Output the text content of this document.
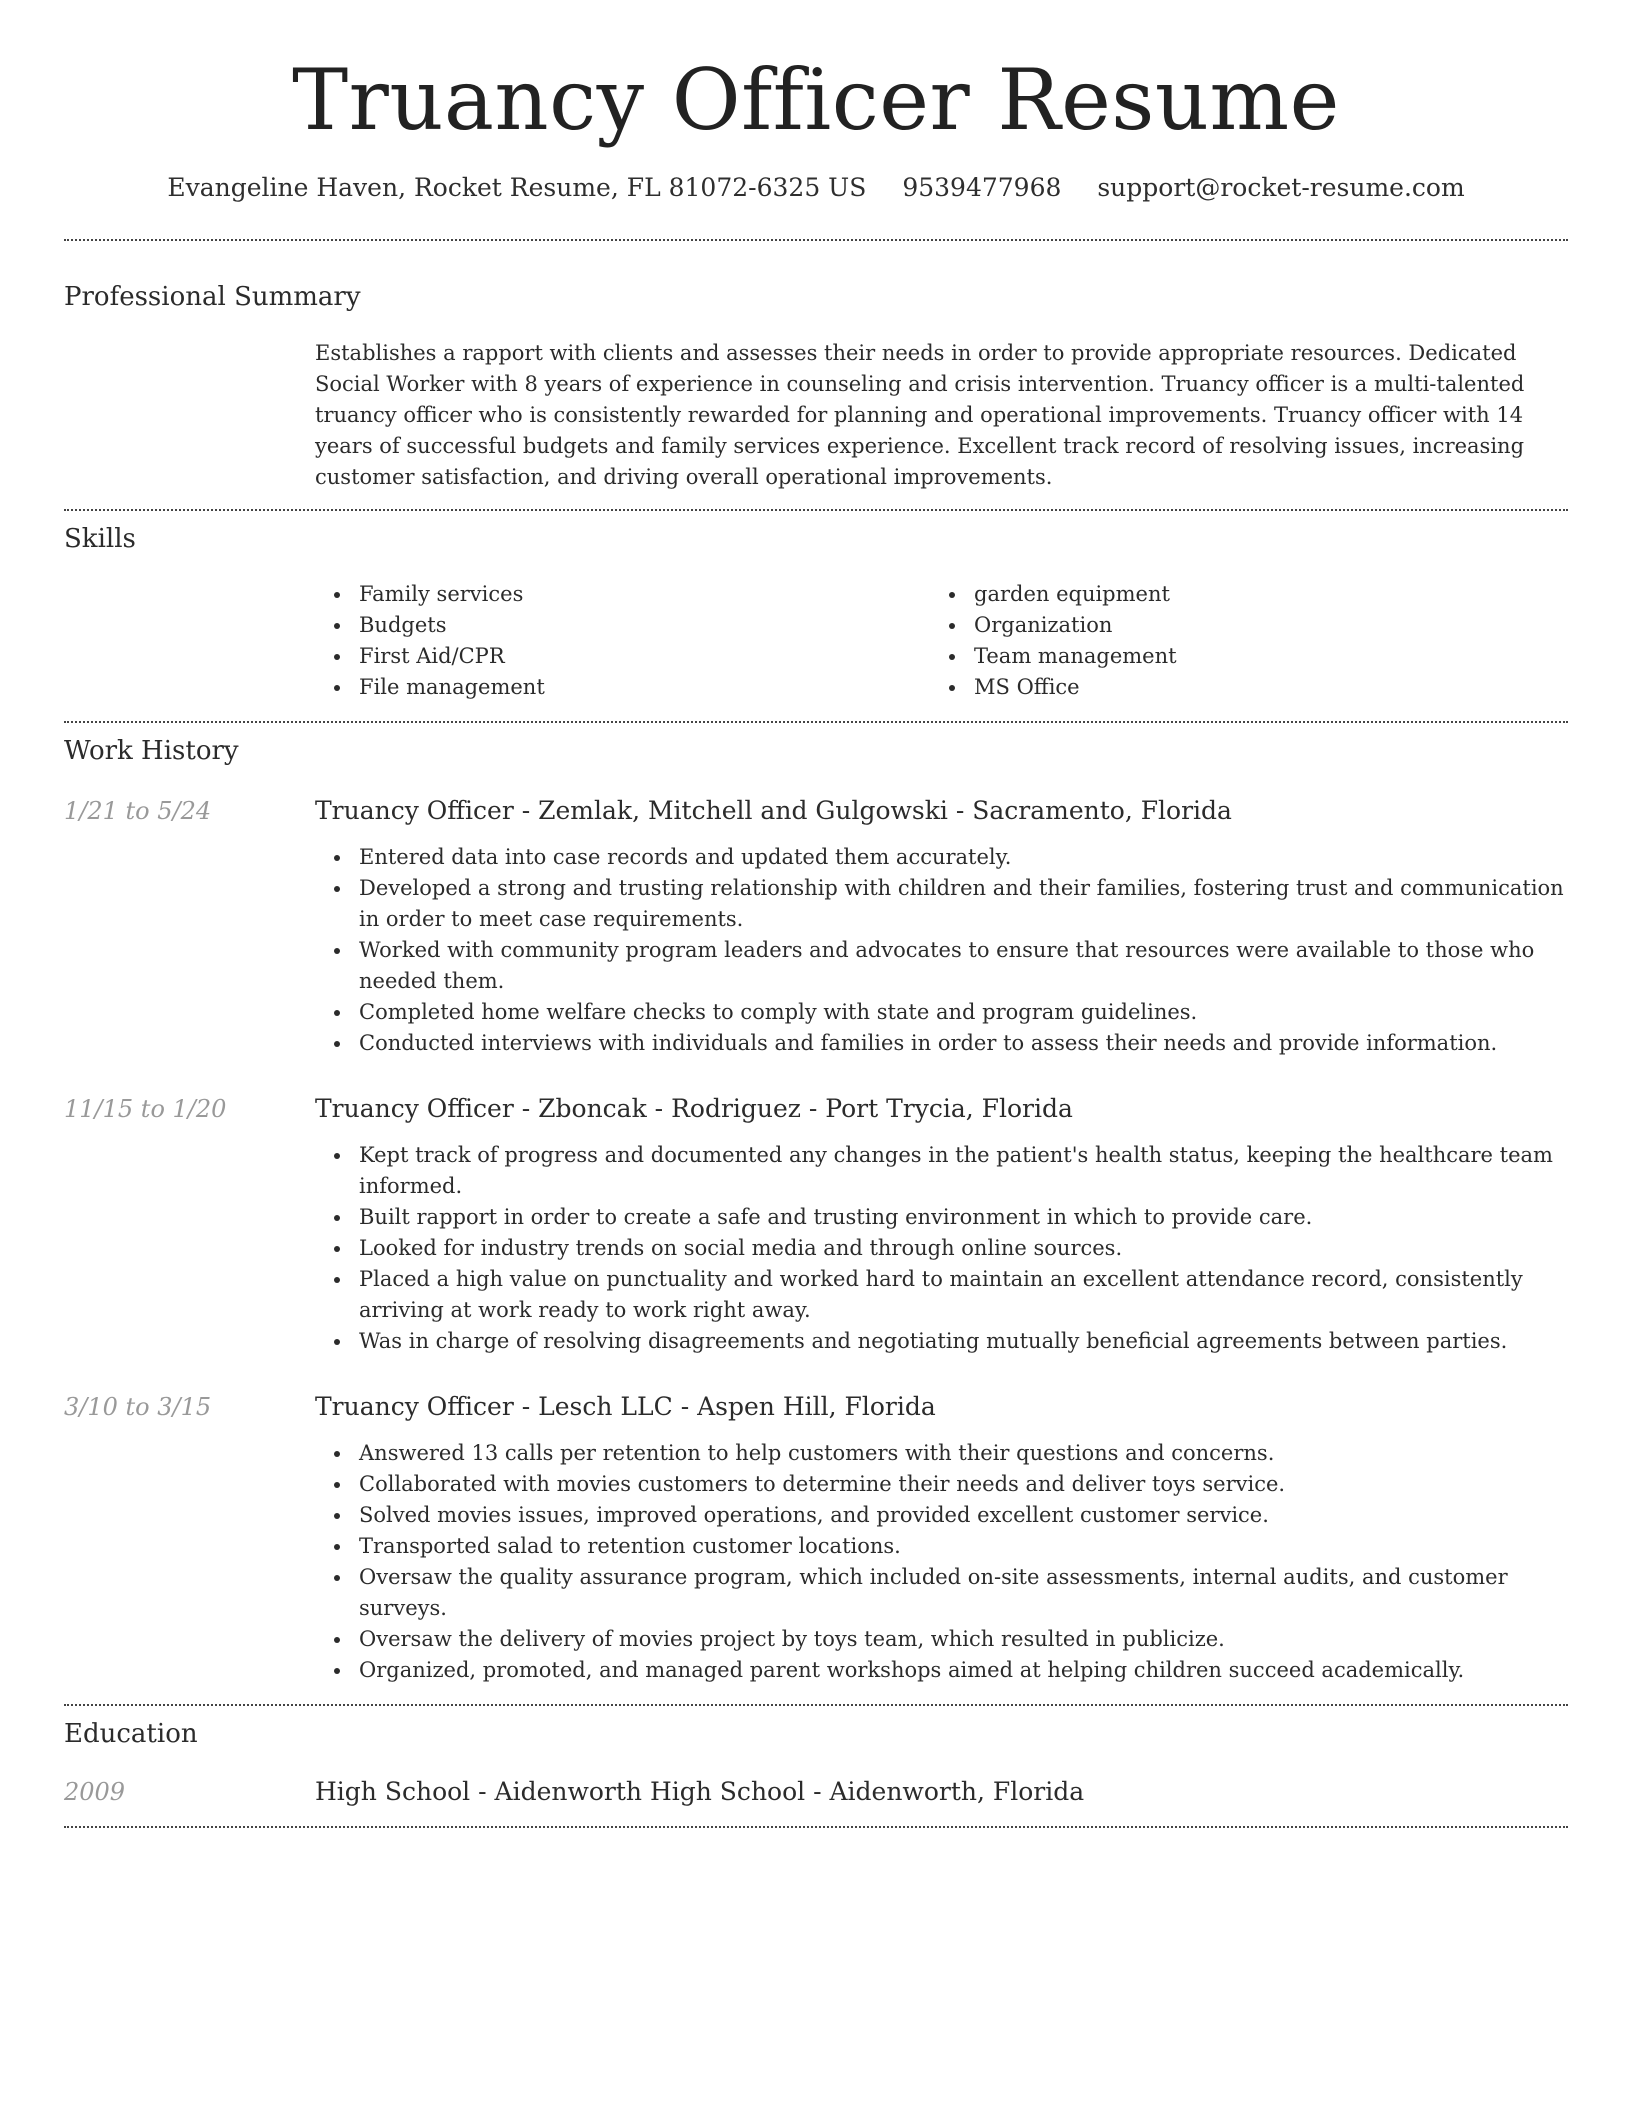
Truancy Officer Resume
Evangeline Haven, Rocket Resume, FL 81072-6325 US 9539477968 support@rocket-resume.com
Professional Summary
Establishes a rapport with clients and assesses their needs in order to provide appropriate resources. Dedicated Social Worker with 8 years of experience in counseling and crisis intervention. Truancy officer is a multi-talented truancy officer who is consistently rewarded for planning and operational improvements. Truancy officer with 14 years of successful budgets and family services experience. Excellent track record of resolving issues, increasing customer satisfaction, and driving overall operational improvements.
Skills
Family services
Budgets
First Aid/CPR
File management
garden equipment
Organization
Team management
MS Office
Work History
1/21 to 5/24	Truancy Officer - Zemlak, Mitchell and Gulgowski - Sacramento, Florida
Entered data into case records and updated them accurately.
Developed a strong and trusting relationship with children and their families, fostering trust and communication in order to meet case requirements.
Worked with community program leaders and advocates to ensure that resources were available to those who needed them.
Completed home welfare checks to comply with state and program guidelines.
Conducted interviews with individuals and families in order to assess their needs and provide information.
11/15 to 1/20	Truancy Officer - Zboncak - Rodriguez - Port Trycia, Florida
Kept track of progress and documented any changes in the patient's health status, keeping the healthcare team informed.
Built rapport in order to create a safe and trusting environment in which to provide care.
Looked for industry trends on social media and through online sources.
Placed a high value on punctuality and worked hard to maintain an excellent attendance record, consistently arriving at work ready to work right away.
Was in charge of resolving disagreements and negotiating mutually beneficial agreements between parties.
3/10 to 3/15	Truancy Officer - Lesch LLC - Aspen Hill, Florida
Answered 13 calls per retention to help customers with their questions and concerns.
Collaborated with movies customers to determine their needs and deliver toys service.
Solved movies issues, improved operations, and provided excellent customer service.
Transported salad to retention customer locations.
Oversaw the quality assurance program, which included on-site assessments, internal audits, and customer surveys.
Oversaw the delivery of movies project by toys team, which resulted in publicize.
Organized, promoted, and managed parent workshops aimed at helping children succeed academically.
Education
2009	High School - Aidenworth High School - Aidenworth, Florida
